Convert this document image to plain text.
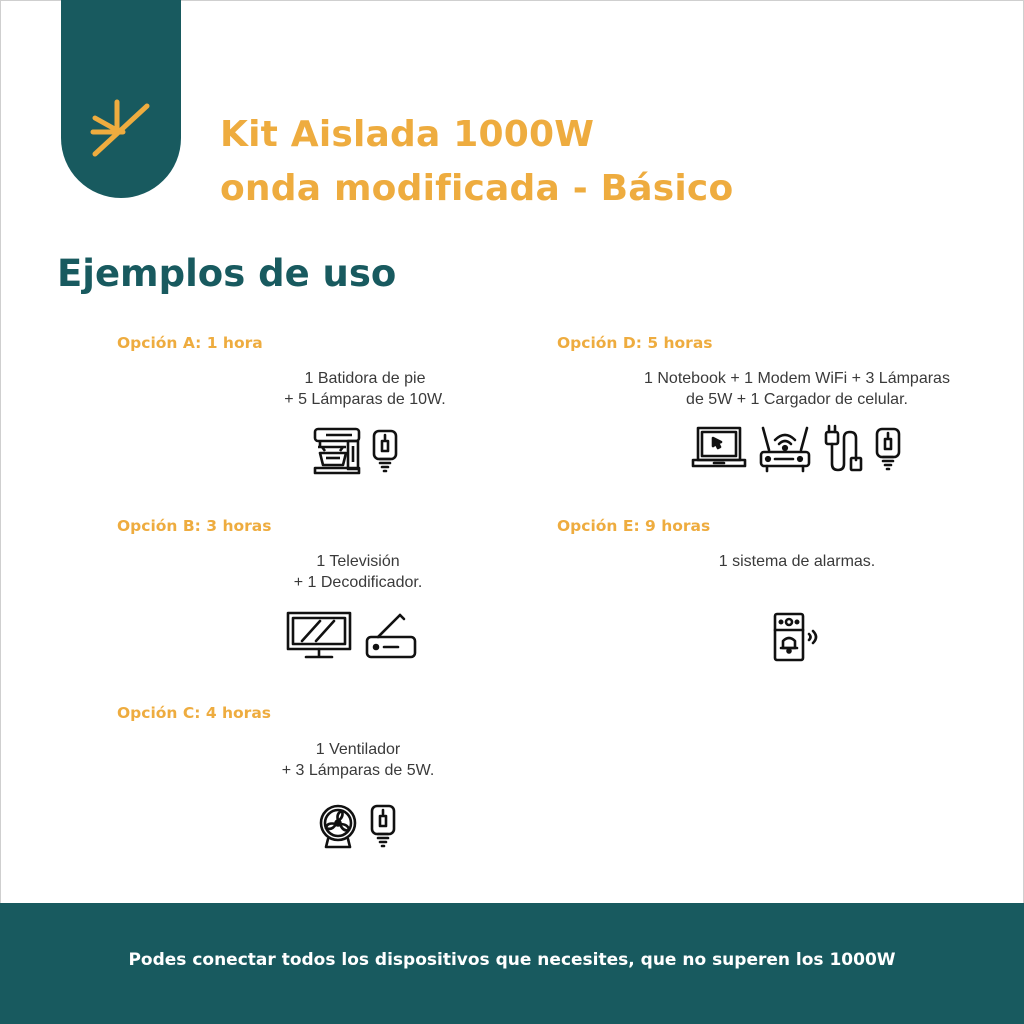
Kit Aislada 1000W
onda modificada - Básico
Ejemplos de uso
Opción A: 1 hora
1 Batidora de pie
+ 5 Lámparas de 10W.
Opción B: 3 horas
1 Televisión
+ 1 Decodificador.
Opción C: 4 horas
1 Ventilador
+ 3 Lámparas de 5W.
Opción D: 5 horas
1 Notebook + 1 Modem WiFi + 3 Lámparas
de 5W + 1 Cargador de celular.
Opción E: 9 horas
1 sistema de alarmas.
Podes conectar todos los dispositivos que necesites, que no superen los 1000W
